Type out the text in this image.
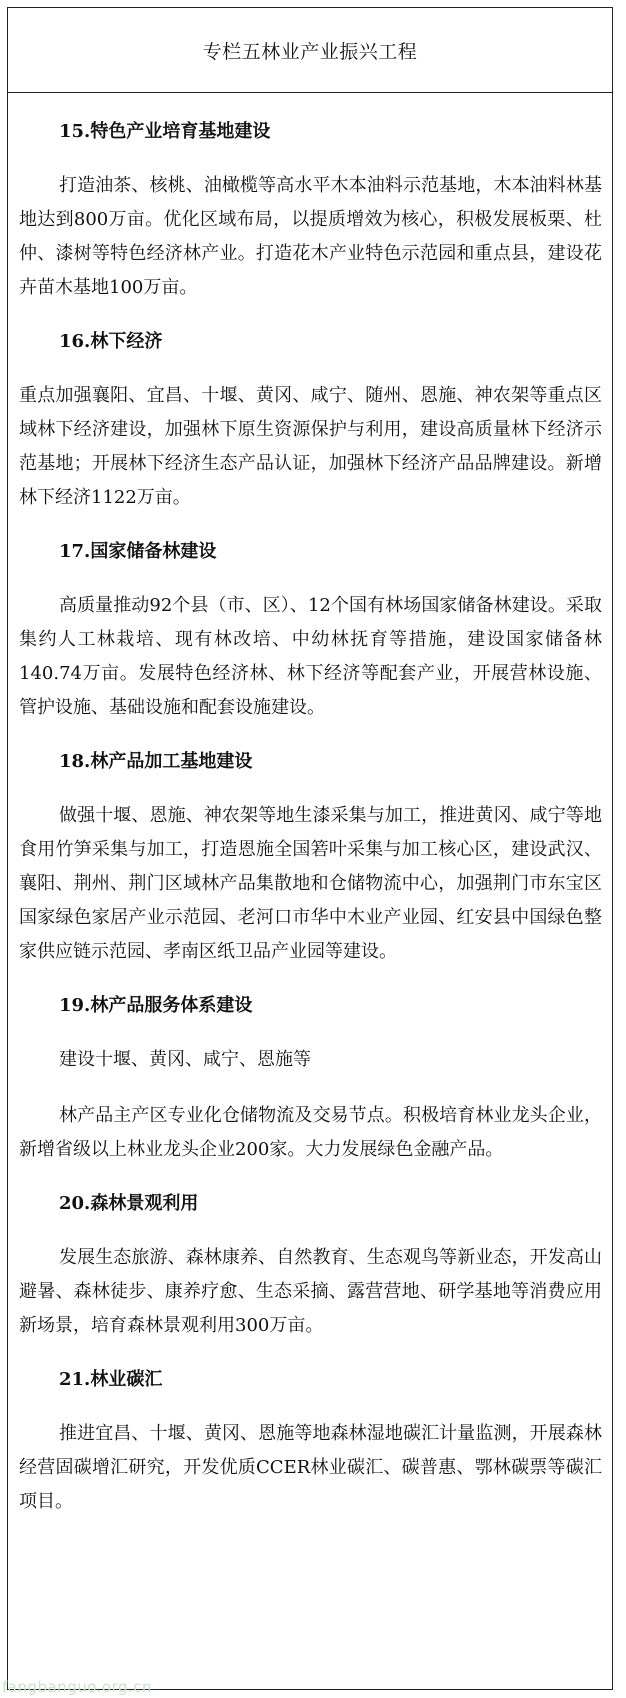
专栏五林业产业振兴工程
15.特色产业培育基地建设

打造油茶、核桃、油橄榄等高水平木本油料示范基地，木本油料林基地达到800万亩。优化区域布局，以提质增效为核心，积极发展板栗、杜仲、漆树等特色经济林产业。打造花木产业特色示范园和重点县，建设花卉苗木基地100万亩。

16.林下经济

重点加强襄阳、宜昌、十堰、黄冈、咸宁、随州、恩施、神农架等重点区域林下经济建设，加强林下原生资源保护与利用，建设高质量林下经济示范基地；开展林下经济生态产品认证，加强林下经济产品品牌建设。新增林下经济1122万亩。

17.国家储备林建设

高质量推动92个县（市、区）、12个国有林场国家储备林建设。采取集约人工林栽培、现有林改培、中幼林抚育等措施，建设国家储备林140.74万亩。发展特色经济林、林下经济等配套产业，开展营林设施、管护设施、基础设施和配套设施建设。

18.林产品加工基地建设

做强十堰、恩施、神农架等地生漆采集与加工，推进黄冈、咸宁等地食用竹笋采集与加工，打造恩施全国箬叶采集与加工核心区，建设武汉、襄阳、荆州、荆门区域林产品集散地和仓储物流中心，加强荆门市东宝区国家绿色家居产业示范园、老河口市华中木业产业园、红安县中国绿色整家供应链示范园、孝南区纸卫品产业园等建设。

19.林产品服务体系建设

建设十堰、黄冈、咸宁、恩施等

林产品主产区专业化仓储物流及交易节点。积极培育林业龙头企业，新增省级以上林业龙头企业200家。大力发展绿色金融产品。

20.森林景观利用

发展生态旅游、森林康养、自然教育、生态观鸟等新业态，开发高山避暑、森林徒步、康养疗愈、生态采摘、露营营地、研学基地等消费应用新场景，培育森林景观利用300万亩。

21.林业碳汇

推进宜昌、十堰、黄冈、恩施等地森林湿地碳汇计量监测，开展森林经营固碳增汇研究，开发优质CCER林业碳汇、碳普惠、鄂林碳票等碳汇项目。

fangbanguo.org.cn
